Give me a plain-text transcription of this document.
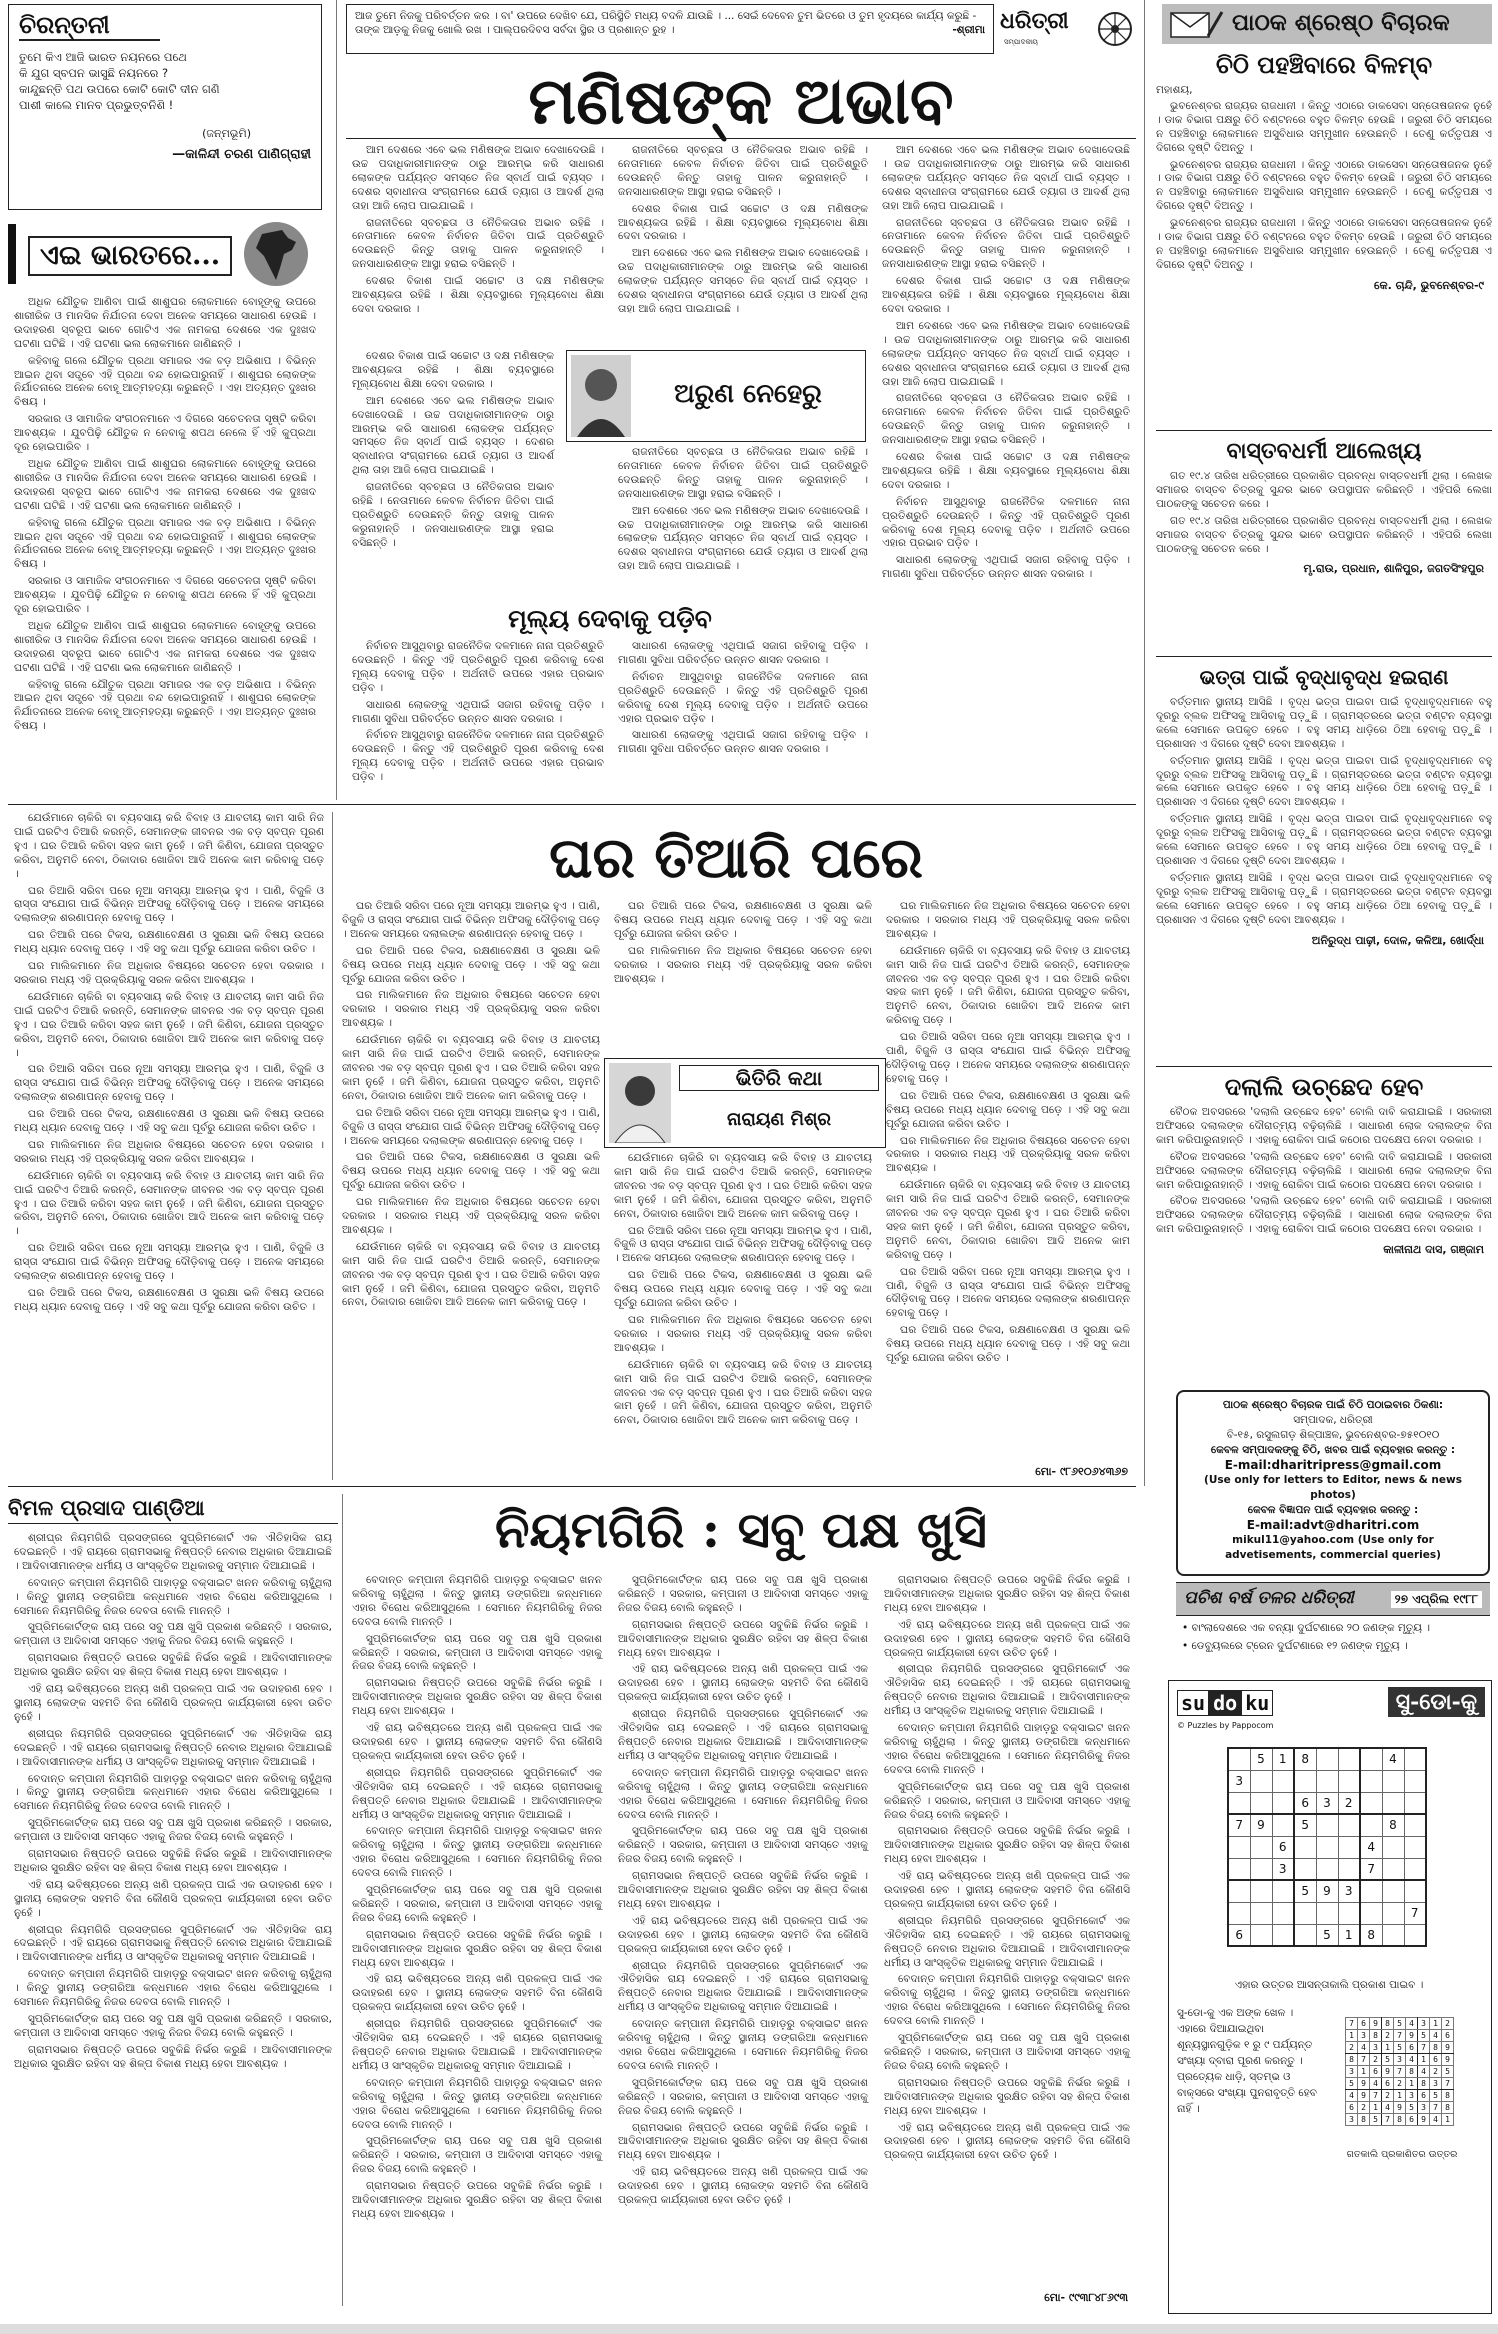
ଚିରନ୍ତନୀ
ତୁମେ କିଏ ଆଜି ଭାରତ ନୟନରେ ପଥେ
କି ଯୁଗ ସ୍ବପନ ଭାସୁଛି ନୟନରେ ?
କାନ୍ଦୁଛନ୍ତି ପଥ ଉପରେ କୋଟି କୋଟି ଦୀନ ଗଣି
ପାଶୀ କାଲେ ମାନବ ପ୍ରଭୁତ୍ବନିଶି !
(ଜନ୍ମଭୂମି)
—କାଳିନ୍ଦୀ ଚରଣ ପାଣିଗ୍ରାହୀ
ଏଇ ଭାରତରେ...

ଅଧିକ ଯୌତୁକ ଆଣିବା ପାଇଁ ଶାଶୁଘର ଲୋକମାନେ ବୋହୂଙ୍କୁ ଉପରେ ଶାରୀରିକ ଓ ମାନସିକ ନିର୍ଯାତନା ଦେବା ଅନେକ ସମୟରେ ସାଧାରଣ ହେଉଛି । ଉଦାହରଣ ସ୍ବରୂପ ଭାବେ ଗୋଟିଏ ଏକ ନାମକରା ଦେଶରେ ଏକ ଦୁଃଖଦ ଘଟଣା ଘଟିଛି । ଏହି ଘଟଣା ଭଲ ଲୋକମାନେ ଜାଣିଛନ୍ତି ।

କହିବାକୁ ଗଲେ ଯୌତୁକ ପ୍ରଥା ସମାଜର ଏକ ବଡ଼ ଅଭିଶାପ । ବିଭିନ୍ନ ଆଇନ ଥିବା ସତ୍ତ୍ବେ ଏହି ପ୍ରଥା ବନ୍ଦ ହୋଇପାରୁନାହିଁ । ଶାଶୁଘର ଲୋକଙ୍କ ନିର୍ଯାତନାରେ ଅନେକ ବୋହୂ ଆତ୍ମହତ୍ୟା କରୁଛନ୍ତି । ଏହା ଅତ୍ୟନ୍ତ ଦୁଃଖର ବିଷୟ ।

ସରକାର ଓ ସାମାଜିକ ସଂଗଠନମାନେ ଏ ଦିଗରେ ସଚେତନତା ସୃଷ୍ଟି କରିବା ଆବଶ୍ୟକ । ଯୁବପିଢ଼ି ଯୌତୁକ ନ ନେବାକୁ ଶପଥ ନେଲେ ହିଁ ଏହି କୁପ୍ରଥା ଦୂର ହୋଇପାରିବ ।

ଅଧିକ ଯୌତୁକ ଆଣିବା ପାଇଁ ଶାଶୁଘର ଲୋକମାନେ ବୋହୂଙ୍କୁ ଉପରେ ଶାରୀରିକ ଓ ମାନସିକ ନିର୍ଯାତନା ଦେବା ଅନେକ ସମୟରେ ସାଧାରଣ ହେଉଛି । ଉଦାହରଣ ସ୍ବରୂପ ଭାବେ ଗୋଟିଏ ଏକ ନାମକରା ଦେଶରେ ଏକ ଦୁଃଖଦ ଘଟଣା ଘଟିଛି । ଏହି ଘଟଣା ଭଲ ଲୋକମାନେ ଜାଣିଛନ୍ତି ।

କହିବାକୁ ଗଲେ ଯୌତୁକ ପ୍ରଥା ସମାଜର ଏକ ବଡ଼ ଅଭିଶାପ । ବିଭିନ୍ନ ଆଇନ ଥିବା ସତ୍ତ୍ବେ ଏହି ପ୍ରଥା ବନ୍ଦ ହୋଇପାରୁନାହିଁ । ଶାଶୁଘର ଲୋକଙ୍କ ନିର୍ଯାତନାରେ ଅନେକ ବୋହୂ ଆତ୍ମହତ୍ୟା କରୁଛନ୍ତି । ଏହା ଅତ୍ୟନ୍ତ ଦୁଃଖର ବିଷୟ ।

ସରକାର ଓ ସାମାଜିକ ସଂଗଠନମାନେ ଏ ଦିଗରେ ସଚେତନତା ସୃଷ୍ଟି କରିବା ଆବଶ୍ୟକ । ଯୁବପିଢ଼ି ଯୌତୁକ ନ ନେବାକୁ ଶପଥ ନେଲେ ହିଁ ଏହି କୁପ୍ରଥା ଦୂର ହୋଇପାରିବ ।

ଅଧିକ ଯୌତୁକ ଆଣିବା ପାଇଁ ଶାଶୁଘର ଲୋକମାନେ ବୋହୂଙ୍କୁ ଉପରେ ଶାରୀରିକ ଓ ମାନସିକ ନିର୍ଯାତନା ଦେବା ଅନେକ ସମୟରେ ସାଧାରଣ ହେଉଛି । ଉଦାହରଣ ସ୍ବରୂପ ଭାବେ ଗୋଟିଏ ଏକ ନାମକରା ଦେଶରେ ଏକ ଦୁଃଖଦ ଘଟଣା ଘଟିଛି । ଏହି ଘଟଣା ଭଲ ଲୋକମାନେ ଜାଣିଛନ୍ତି ।

କହିବାକୁ ଗଲେ ଯୌତୁକ ପ୍ରଥା ସମାଜର ଏକ ବଡ଼ ଅଭିଶାପ । ବିଭିନ୍ନ ଆଇନ ଥିବା ସତ୍ତ୍ବେ ଏହି ପ୍ରଥା ବନ୍ଦ ହୋଇପାରୁନାହିଁ । ଶାଶୁଘର ଲୋକଙ୍କ ନିର୍ଯାତନାରେ ଅନେକ ବୋହୂ ଆତ୍ମହତ୍ୟା କରୁଛନ୍ତି । ଏହା ଅତ୍ୟନ୍ତ ଦୁଃଖର ବିଷୟ ।

ଆଜ ତୁମେ ନିଜକୁ ପରିବର୍ତ୍ତନ କର । ବା' ଉପରେ ଦେଖିବ ଯେ, ପରିସ୍ଥିତି ମଧ୍ୟ ବଦଳି ଯାଉଛି । ... ସେଇଁ ଦେବେନ ତୁମ ଭିତରେ ଓ ତୁମ ହୃଦୟରେ କାର୍ଯ୍ୟ କରୁଛି - ତାଙ୍କ ଆଡ଼କୁ ନିଜକୁ ଖୋଲି ରଖ । ପାଲ୍ପରଦିବସ ସର୍ବଦା ସ୍ଥିର ଓ ପ୍ରଶାନ୍ତ ରୁହ ।	-ଶ୍ରୀମା ଧରିତ୍ରୀ
ସମ୍ପାଦକୀୟ
ମଣିଷଙ୍କ ଅଭାବ

ଆମ ଦେଶରେ ଏବେ ଭଲ ମଣିଷଙ୍କ ଅଭାବ ଦେଖାଦେଉଛି । ଉଚ୍ଚ ପଦାଧିକାରୀମାନଙ୍କ ଠାରୁ ଆରମ୍ଭ କରି ସାଧାରଣ ଲୋକଙ୍କ ପର୍ଯ୍ୟନ୍ତ ସମସ୍ତେ ନିଜ ସ୍ବାର୍ଥ ପାଇଁ ବ୍ୟସ୍ତ । ଦେଶର ସ୍ବାଧୀନତା ସଂଗ୍ରାମରେ ଯେଉଁ ତ୍ୟାଗ ଓ ଆଦର୍ଶ ଥିଲା ତାହା ଆଜି ଲୋପ ପାଇଯାଇଛି ।

ରାଜନୀତିରେ ସ୍ବଚ୍ଛତା ଓ ନୈତିକତାର ଅଭାବ ରହିଛି । ନେତାମାନେ କେବଳ ନିର୍ବାଚନ ଜିତିବା ପାଇଁ ପ୍ରତିଶ୍ରୁତି ଦେଉଛନ୍ତି କିନ୍ତୁ ତାହାକୁ ପାଳନ କରୁନାହାନ୍ତି । ଜନସାଧାରଣଙ୍କ ଆସ୍ଥା ହରାଇ ବସିଛନ୍ତି ।

ଦେଶର ବିକାଶ ପାଇଁ ସଚ୍ଚୋଟ ଓ ଦକ୍ଷ ମଣିଷଙ୍କ ଆବଶ୍ୟକତା ରହିଛି । ଶିକ୍ଷା ବ୍ୟବସ୍ଥାରେ ମୂଲ୍ୟବୋଧ ଶିକ୍ଷା ଦେବା ଦରକାର ।

ରାଜନୀତିରେ ସ୍ବଚ୍ଛତା ଓ ନୈତିକତାର ଅଭାବ ରହିଛି । ନେତାମାନେ କେବଳ ନିର୍ବାଚନ ଜିତିବା ପାଇଁ ପ୍ରତିଶ୍ରୁତି ଦେଉଛନ୍ତି କିନ୍ତୁ ତାହାକୁ ପାଳନ କରୁନାହାନ୍ତି । ଜନସାଧାରଣଙ୍କ ଆସ୍ଥା ହରାଇ ବସିଛନ୍ତି ।

ଦେଶର ବିକାଶ ପାଇଁ ସଚ୍ଚୋଟ ଓ ଦକ୍ଷ ମଣିଷଙ୍କ ଆବଶ୍ୟକତା ରହିଛି । ଶିକ୍ଷା ବ୍ୟବସ୍ଥାରେ ମୂଲ୍ୟବୋଧ ଶିକ୍ଷା ଦେବା ଦରକାର ।

ଆମ ଦେଶରେ ଏବେ ଭଲ ମଣିଷଙ୍କ ଅଭାବ ଦେଖାଦେଉଛି । ଉଚ୍ଚ ପଦାଧିକାରୀମାନଙ୍କ ଠାରୁ ଆରମ୍ଭ କରି ସାଧାରଣ ଲୋକଙ୍କ ପର୍ଯ୍ୟନ୍ତ ସମସ୍ତେ ନିଜ ସ୍ବାର୍ଥ ପାଇଁ ବ୍ୟସ୍ତ । ଦେଶର ସ୍ବାଧୀନତା ସଂଗ୍ରାମରେ ଯେଉଁ ତ୍ୟାଗ ଓ ଆଦର୍ଶ ଥିଲା ତାହା ଆଜି ଲୋପ ପାଇଯାଇଛି ।

ଆମ ଦେଶରେ ଏବେ ଭଲ ମଣିଷଙ୍କ ଅଭାବ ଦେଖାଦେଉଛି । ଉଚ୍ଚ ପଦାଧିକାରୀମାନଙ୍କ ଠାରୁ ଆରମ୍ଭ କରି ସାଧାରଣ ଲୋକଙ୍କ ପର୍ଯ୍ୟନ୍ତ ସମସ୍ତେ ନିଜ ସ୍ବାର୍ଥ ପାଇଁ ବ୍ୟସ୍ତ । ଦେଶର ସ୍ବାଧୀନତା ସଂଗ୍ରାମରେ ଯେଉଁ ତ୍ୟାଗ ଓ ଆଦର୍ଶ ଥିଲା ତାହା ଆଜି ଲୋପ ପାଇଯାଇଛି ।

ରାଜନୀତିରେ ସ୍ବଚ୍ଛତା ଓ ନୈତିକତାର ଅଭାବ ରହିଛି । ନେତାମାନେ କେବଳ ନିର୍ବାଚନ ଜିତିବା ପାଇଁ ପ୍ରତିଶ୍ରୁତି ଦେଉଛନ୍ତି କିନ୍ତୁ ତାହାକୁ ପାଳନ କରୁନାହାନ୍ତି । ଜନସାଧାରଣଙ୍କ ଆସ୍ଥା ହରାଇ ବସିଛନ୍ତି ।

ଦେଶର ବିକାଶ ପାଇଁ ସଚ୍ଚୋଟ ଓ ଦକ୍ଷ ମଣିଷଙ୍କ ଆବଶ୍ୟକତା ରହିଛି । ଶିକ୍ଷା ବ୍ୟବସ୍ଥାରେ ମୂଲ୍ୟବୋଧ ଶିକ୍ଷା ଦେବା ଦରକାର ।

ଆମ ଦେଶରେ ଏବେ ଭଲ ମଣିଷଙ୍କ ଅଭାବ ଦେଖାଦେଉଛି । ଉଚ୍ଚ ପଦାଧିକାରୀମାନଙ୍କ ଠାରୁ ଆରମ୍ଭ କରି ସାଧାରଣ ଲୋକଙ୍କ ପର୍ଯ୍ୟନ୍ତ ସମସ୍ତେ ନିଜ ସ୍ବାର୍ଥ ପାଇଁ ବ୍ୟସ୍ତ । ଦେଶର ସ୍ବାଧୀନତା ସଂଗ୍ରାମରେ ଯେଉଁ ତ୍ୟାଗ ଓ ଆଦର୍ଶ ଥିଲା ତାହା ଆଜି ଲୋପ ପାଇଯାଇଛି ।

ରାଜନୀତିରେ ସ୍ବଚ୍ଛତା ଓ ନୈତିକତାର ଅଭାବ ରହିଛି । ନେତାମାନେ କେବଳ ନିର୍ବାଚନ ଜିତିବା ପାଇଁ ପ୍ରତିଶ୍ରୁତି ଦେଉଛନ୍ତି କିନ୍ତୁ ତାହାକୁ ପାଳନ କରୁନାହାନ୍ତି । ଜନସାଧାରଣଙ୍କ ଆସ୍ଥା ହରାଇ ବସିଛନ୍ତି ।

ଦେଶର ବିକାଶ ପାଇଁ ସଚ୍ଚୋଟ ଓ ଦକ୍ଷ ମଣିଷଙ୍କ ଆବଶ୍ୟକତା ରହିଛି । ଶିକ୍ଷା ବ୍ୟବସ୍ଥାରେ ମୂଲ୍ୟବୋଧ ଶିକ୍ଷା ଦେବା ଦରକାର ।

ନିର୍ବାଚନ ଆସୁଥିବାରୁ ରାଜନୈତିକ ଦଳମାନେ ନାନା ପ୍ରତିଶ୍ରୁତି ଦେଉଛନ୍ତି । କିନ୍ତୁ ଏହି ପ୍ରତିଶ୍ରୁତି ପୂରଣ କରିବାକୁ ଦେଶ ମୂଲ୍ୟ ଦେବାକୁ ପଡ଼ିବ । ଅର୍ଥନୀତି ଉପରେ ଏହାର ପ୍ରଭାବ ପଡ଼ିବ ।

ସାଧାରଣ ଲୋକଙ୍କୁ ଏଥିପାଇଁ ସଜାଗ ରହିବାକୁ ପଡ଼ିବ । ମାଗଣା ସୁବିଧା ପରିବର୍ତ୍ତେ ଉନ୍ନତ ଶାସନ ଦରକାର ।

ଅରୁଣ ନେହେରୁ

ଦେଶର ବିକାଶ ପାଇଁ ସଚ୍ଚୋଟ ଓ ଦକ୍ଷ ମଣିଷଙ୍କ ଆବଶ୍ୟକତା ରହିଛି । ଶିକ୍ଷା ବ୍ୟବସ୍ଥାରେ ମୂଲ୍ୟବୋଧ ଶିକ୍ଷା ଦେବା ଦରକାର ।

ଆମ ଦେଶରେ ଏବେ ଭଲ ମଣିଷଙ୍କ ଅଭାବ ଦେଖାଦେଉଛି । ଉଚ୍ଚ ପଦାଧିକାରୀମାନଙ୍କ ଠାରୁ ଆରମ୍ଭ କରି ସାଧାରଣ ଲୋକଙ୍କ ପର୍ଯ୍ୟନ୍ତ ସମସ୍ତେ ନିଜ ସ୍ବାର୍ଥ ପାଇଁ ବ୍ୟସ୍ତ । ଦେଶର ସ୍ବାଧୀନତା ସଂଗ୍ରାମରେ ଯେଉଁ ତ୍ୟାଗ ଓ ଆଦର୍ଶ ଥିଲା ତାହା ଆଜି ଲୋପ ପାଇଯାଇଛି ।

ରାଜନୀତିରେ ସ୍ବଚ୍ଛତା ଓ ନୈତିକତାର ଅଭାବ ରହିଛି । ନେତାମାନେ କେବଳ ନିର୍ବାଚନ ଜିତିବା ପାଇଁ ପ୍ରତିଶ୍ରୁତି ଦେଉଛନ୍ତି କିନ୍ତୁ ତାହାକୁ ପାଳନ କରୁନାହାନ୍ତି । ଜନସାଧାରଣଙ୍କ ଆସ୍ଥା ହରାଇ ବସିଛନ୍ତି ।

ରାଜନୀତିରେ ସ୍ବଚ୍ଛତା ଓ ନୈତିକତାର ଅଭାବ ରହିଛି । ନେତାମାନେ କେବଳ ନିର୍ବାଚନ ଜିତିବା ପାଇଁ ପ୍ରତିଶ୍ରୁତି ଦେଉଛନ୍ତି କିନ୍ତୁ ତାହାକୁ ପାଳନ କରୁନାହାନ୍ତି । ଜନସାଧାରଣଙ୍କ ଆସ୍ଥା ହରାଇ ବସିଛନ୍ତି ।

ଆମ ଦେଶରେ ଏବେ ଭଲ ମଣିଷଙ୍କ ଅଭାବ ଦେଖାଦେଉଛି । ଉଚ୍ଚ ପଦାଧିକାରୀମାନଙ୍କ ଠାରୁ ଆରମ୍ଭ କରି ସାଧାରଣ ଲୋକଙ୍କ ପର୍ଯ୍ୟନ୍ତ ସମସ୍ତେ ନିଜ ସ୍ବାର୍ଥ ପାଇଁ ବ୍ୟସ୍ତ । ଦେଶର ସ୍ବାଧୀନତା ସଂଗ୍ରାମରେ ଯେଉଁ ତ୍ୟାଗ ଓ ଆଦର୍ଶ ଥିଲା ତାହା ଆଜି ଲୋପ ପାଇଯାଇଛି ।

ମୂଲ୍ୟ ଦେବାକୁ ପଡ଼ିବ

ନିର୍ବାଚନ ଆସୁଥିବାରୁ ରାଜନୈତିକ ଦଳମାନେ ନାନା ପ୍ରତିଶ୍ରୁତି ଦେଉଛନ୍ତି । କିନ୍ତୁ ଏହି ପ୍ରତିଶ୍ରୁତି ପୂରଣ କରିବାକୁ ଦେଶ ମୂଲ୍ୟ ଦେବାକୁ ପଡ଼ିବ । ଅର୍ଥନୀତି ଉପରେ ଏହାର ପ୍ରଭାବ ପଡ଼ିବ ।

ସାଧାରଣ ଲୋକଙ୍କୁ ଏଥିପାଇଁ ସଜାଗ ରହିବାକୁ ପଡ଼ିବ । ମାଗଣା ସୁବିଧା ପରିବର୍ତ୍ତେ ଉନ୍ନତ ଶାସନ ଦରକାର ।

ନିର୍ବାଚନ ଆସୁଥିବାରୁ ରାଜନୈତିକ ଦଳମାନେ ନାନା ପ୍ରତିଶ୍ରୁତି ଦେଉଛନ୍ତି । କିନ୍ତୁ ଏହି ପ୍ରତିଶ୍ରୁତି ପୂରଣ କରିବାକୁ ଦେଶ ମୂଲ୍ୟ ଦେବାକୁ ପଡ଼ିବ । ଅର୍ଥନୀତି ଉପରେ ଏହାର ପ୍ରଭାବ ପଡ଼ିବ ।

ସାଧାରଣ ଲୋକଙ୍କୁ ଏଥିପାଇଁ ସଜାଗ ରହିବାକୁ ପଡ଼ିବ । ମାଗଣା ସୁବିଧା ପରିବର୍ତ୍ତେ ଉନ୍ନତ ଶାସନ ଦରକାର ।

ନିର୍ବାଚନ ଆସୁଥିବାରୁ ରାଜନୈତିକ ଦଳମାନେ ନାନା ପ୍ରତିଶ୍ରୁତି ଦେଉଛନ୍ତି । କିନ୍ତୁ ଏହି ପ୍ରତିଶ୍ରୁତି ପୂରଣ କରିବାକୁ ଦେଶ ମୂଲ୍ୟ ଦେବାକୁ ପଡ଼ିବ । ଅର୍ଥନୀତି ଉପରେ ଏହାର ପ୍ରଭାବ ପଡ଼ିବ ।

ସାଧାରଣ ଲୋକଙ୍କୁ ଏଥିପାଇଁ ସଜାଗ ରହିବାକୁ ପଡ଼ିବ । ମାଗଣା ସୁବିଧା ପରିବର୍ତ୍ତେ ଉନ୍ନତ ଶାସନ ଦରକାର ।

ଯେଉଁମାନେ ଚାକିରି ବା ବ୍ୟବସାୟ କରି ବିବାହ ଓ ଯାବତୀୟ କାମ ସାରି ନିଜ ପାଇଁ ଘରଟିଏ ତିଆରି କରନ୍ତି, ସେମାନଙ୍କ ଜୀବନର ଏକ ବଡ଼ ସ୍ବପ୍ନ ପୂରଣ ହୁଏ । ଘର ତିଆରି କରିବା ସହଜ କାମ ନୁହେଁ । ଜମି କିଣିବା, ଯୋଜନା ପ୍ରସ୍ତୁତ କରିବା, ଅନୁମତି ନେବା, ଠିକାଦାର ଖୋଜିବା ଆଦି ଅନେକ କାମ କରିବାକୁ ପଡ଼େ ।

ଘର ତିଆରି ସରିବା ପରେ ନୂଆ ସମସ୍ୟା ଆରମ୍ଭ ହୁଏ । ପାଣି, ବିଜୁଳି ଓ ରାସ୍ତା ସଂଯୋଗ ପାଇଁ ବିଭିନ୍ନ ଅଫିସକୁ ଦୌଡ଼ିବାକୁ ପଡ଼େ । ଅନେକ ସମୟରେ ଦଲାଲଙ୍କ ଶରଣାପନ୍ନ ହେବାକୁ ପଡ଼େ ।

ଘର ତିଆରି ପରେ ଟିକସ, ରକ୍ଷଣାବେକ୍ଷଣ ଓ ସୁରକ୍ଷା ଭଳି ବିଷୟ ଉପରେ ମଧ୍ୟ ଧ୍ୟାନ ଦେବାକୁ ପଡ଼େ । ଏହି ସବୁ କଥା ପୂର୍ବରୁ ଯୋଜନା କରିବା ଉଚିତ ।

ଘର ମାଲିକମାନେ ନିଜ ଅଧିକାର ବିଷୟରେ ସଚେତନ ହେବା ଦରକାର । ସରକାର ମଧ୍ୟ ଏହି ପ୍ରକ୍ରିୟାକୁ ସରଳ କରିବା ଆବଶ୍ୟକ ।

ଯେଉଁମାନେ ଚାକିରି ବା ବ୍ୟବସାୟ କରି ବିବାହ ଓ ଯାବତୀୟ କାମ ସାରି ନିଜ ପାଇଁ ଘରଟିଏ ତିଆରି କରନ୍ତି, ସେମାନଙ୍କ ଜୀବନର ଏକ ବଡ଼ ସ୍ବପ୍ନ ପୂରଣ ହୁଏ । ଘର ତିଆରି କରିବା ସହଜ କାମ ନୁହେଁ । ଜମି କିଣିବା, ଯୋଜନା ପ୍ରସ୍ତୁତ କରିବା, ଅନୁମତି ନେବା, ଠିକାଦାର ଖୋଜିବା ଆଦି ଅନେକ କାମ କରିବାକୁ ପଡ଼େ ।

ଘର ତିଆରି ସରିବା ପରେ ନୂଆ ସମସ୍ୟା ଆରମ୍ଭ ହୁଏ । ପାଣି, ବିଜୁଳି ଓ ରାସ୍ତା ସଂଯୋଗ ପାଇଁ ବିଭିନ୍ନ ଅଫିସକୁ ଦୌଡ଼ିବାକୁ ପଡ଼େ । ଅନେକ ସମୟରେ ଦଲାଲଙ୍କ ଶରଣାପନ୍ନ ହେବାକୁ ପଡ଼େ ।

ଘର ତିଆରି ପରେ ଟିକସ, ରକ୍ଷଣାବେକ୍ଷଣ ଓ ସୁରକ୍ଷା ଭଳି ବିଷୟ ଉପରେ ମଧ୍ୟ ଧ୍ୟାନ ଦେବାକୁ ପଡ଼େ । ଏହି ସବୁ କଥା ପୂର୍ବରୁ ଯୋଜନା କରିବା ଉଚିତ ।

ଘର ମାଲିକମାନେ ନିଜ ଅଧିକାର ବିଷୟରେ ସଚେତନ ହେବା ଦରକାର । ସରକାର ମଧ୍ୟ ଏହି ପ୍ରକ୍ରିୟାକୁ ସରଳ କରିବା ଆବଶ୍ୟକ ।

ଯେଉଁମାନେ ଚାକିରି ବା ବ୍ୟବସାୟ କରି ବିବାହ ଓ ଯାବତୀୟ କାମ ସାରି ନିଜ ପାଇଁ ଘରଟିଏ ତିଆରି କରନ୍ତି, ସେମାନଙ୍କ ଜୀବନର ଏକ ବଡ଼ ସ୍ବପ୍ନ ପୂରଣ ହୁଏ । ଘର ତିଆରି କରିବା ସହଜ କାମ ନୁହେଁ । ଜମି କିଣିବା, ଯୋଜନା ପ୍ରସ୍ତୁତ କରିବା, ଅନୁମତି ନେବା, ଠିକାଦାର ଖୋଜିବା ଆଦି ଅନେକ କାମ କରିବାକୁ ପଡ଼େ ।

ଘର ତିଆରି ସରିବା ପରେ ନୂଆ ସମସ୍ୟା ଆରମ୍ଭ ହୁଏ । ପାଣି, ବିଜୁଳି ଓ ରାସ୍ତା ସଂଯୋଗ ପାଇଁ ବିଭିନ୍ନ ଅଫିସକୁ ଦୌଡ଼ିବାକୁ ପଡ଼େ । ଅନେକ ସମୟରେ ଦଲାଲଙ୍କ ଶରଣାପନ୍ନ ହେବାକୁ ପଡ଼େ ।

ଘର ତିଆରି ପରେ ଟିକସ, ରକ୍ଷଣାବେକ୍ଷଣ ଓ ସୁରକ୍ଷା ଭଳି ବିଷୟ ଉପରେ ମଧ୍ୟ ଧ୍ୟାନ ଦେବାକୁ ପଡ଼େ । ଏହି ସବୁ କଥା ପୂର୍ବରୁ ଯୋଜନା କରିବା ଉଚିତ ।

ଘର ତିଆରି ପରେ

ଘର ତିଆରି ସରିବା ପରେ ନୂଆ ସମସ୍ୟା ଆରମ୍ଭ ହୁଏ । ପାଣି, ବିଜୁଳି ଓ ରାସ୍ତା ସଂଯୋଗ ପାଇଁ ବିଭିନ୍ନ ଅଫିସକୁ ଦୌଡ଼ିବାକୁ ପଡ଼େ । ଅନେକ ସମୟରେ ଦଲାଲଙ୍କ ଶରଣାପନ୍ନ ହେବାକୁ ପଡ଼େ ।

ଘର ତିଆରି ପରେ ଟିକସ, ରକ୍ଷଣାବେକ୍ଷଣ ଓ ସୁରକ୍ଷା ଭଳି ବିଷୟ ଉପରେ ମଧ୍ୟ ଧ୍ୟାନ ଦେବାକୁ ପଡ଼େ । ଏହି ସବୁ କଥା ପୂର୍ବରୁ ଯୋଜନା କରିବା ଉଚିତ ।

ଘର ମାଲିକମାନେ ନିଜ ଅଧିକାର ବିଷୟରେ ସଚେତନ ହେବା ଦରକାର । ସରକାର ମଧ୍ୟ ଏହି ପ୍ରକ୍ରିୟାକୁ ସରଳ କରିବା ଆବଶ୍ୟକ ।

ଯେଉଁମାନେ ଚାକିରି ବା ବ୍ୟବସାୟ କରି ବିବାହ ଓ ଯାବତୀୟ କାମ ସାରି ନିଜ ପାଇଁ ଘରଟିଏ ତିଆରି କରନ୍ତି, ସେମାନଙ୍କ ଜୀବନର ଏକ ବଡ଼ ସ୍ବପ୍ନ ପୂରଣ ହୁଏ । ଘର ତିଆରି କରିବା ସହଜ କାମ ନୁହେଁ । ଜମି କିଣିବା, ଯୋଜନା ପ୍ରସ୍ତୁତ କରିବା, ଅନୁମତି ନେବା, ଠିକାଦାର ଖୋଜିବା ଆଦି ଅନେକ କାମ କରିବାକୁ ପଡ଼େ ।

ଘର ତିଆରି ସରିବା ପରେ ନୂଆ ସମସ୍ୟା ଆରମ୍ଭ ହୁଏ । ପାଣି, ବିଜୁଳି ଓ ରାସ୍ତା ସଂଯୋଗ ପାଇଁ ବିଭିନ୍ନ ଅଫିସକୁ ଦୌଡ଼ିବାକୁ ପଡ଼େ । ଅନେକ ସମୟରେ ଦଲାଲଙ୍କ ଶରଣାପନ୍ନ ହେବାକୁ ପଡ଼େ ।

ଘର ତିଆରି ପରେ ଟିକସ, ରକ୍ଷଣାବେକ୍ଷଣ ଓ ସୁରକ୍ଷା ଭଳି ବିଷୟ ଉପରେ ମଧ୍ୟ ଧ୍ୟାନ ଦେବାକୁ ପଡ଼େ । ଏହି ସବୁ କଥା ପୂର୍ବରୁ ଯୋଜନା କରିବା ଉଚିତ ।

ଘର ମାଲିକମାନେ ନିଜ ଅଧିକାର ବିଷୟରେ ସଚେତନ ହେବା ଦରକାର । ସରକାର ମଧ୍ୟ ଏହି ପ୍ରକ୍ରିୟାକୁ ସରଳ କରିବା ଆବଶ୍ୟକ ।

ଯେଉଁମାନେ ଚାକିରି ବା ବ୍ୟବସାୟ କରି ବିବାହ ଓ ଯାବତୀୟ କାମ ସାରି ନିଜ ପାଇଁ ଘରଟିଏ ତିଆରି କରନ୍ତି, ସେମାନଙ୍କ ଜୀବନର ଏକ ବଡ଼ ସ୍ବପ୍ନ ପୂରଣ ହୁଏ । ଘର ତିଆରି କରିବା ସହଜ କାମ ନୁହେଁ । ଜମି କିଣିବା, ଯୋଜନା ପ୍ରସ୍ତୁତ କରିବା, ଅନୁମତି ନେବା, ଠିକାଦାର ଖୋଜିବା ଆଦି ଅନେକ କାମ କରିବାକୁ ପଡ଼େ ।

ଭିତିରି କଥା
ନାରାୟଣ ମିଶ୍ର

ଘର ତିଆରି ପରେ ଟିକସ, ରକ୍ଷଣାବେକ୍ଷଣ ଓ ସୁରକ୍ଷା ଭଳି ବିଷୟ ଉପରେ ମଧ୍ୟ ଧ୍ୟାନ ଦେବାକୁ ପଡ଼େ । ଏହି ସବୁ କଥା ପୂର୍ବରୁ ଯୋଜନା କରିବା ଉଚିତ ।

ଘର ମାଲିକମାନେ ନିଜ ଅଧିକାର ବିଷୟରେ ସଚେତନ ହେବା ଦରକାର । ସରକାର ମଧ୍ୟ ଏହି ପ୍ରକ୍ରିୟାକୁ ସରଳ କରିବା ଆବଶ୍ୟକ ।

ଯେଉଁମାନେ ଚାକିରି ବା ବ୍ୟବସାୟ କରି ବିବାହ ଓ ଯାବତୀୟ କାମ ସାରି ନିଜ ପାଇଁ ଘରଟିଏ ତିଆରି କରନ୍ତି, ସେମାନଙ୍କ ଜୀବନର ଏକ ବଡ଼ ସ୍ବପ୍ନ ପୂରଣ ହୁଏ । ଘର ତିଆରି କରିବା ସହଜ କାମ ନୁହେଁ । ଜମି କିଣିବା, ଯୋଜନା ପ୍ରସ୍ତୁତ କରିବା, ଅନୁମତି ନେବା, ଠିକାଦାର ଖୋଜିବା ଆଦି ଅନେକ କାମ କରିବାକୁ ପଡ଼େ ।

ଘର ତିଆରି ସରିବା ପରେ ନୂଆ ସମସ୍ୟା ଆରମ୍ଭ ହୁଏ । ପାଣି, ବିଜୁଳି ଓ ରାସ୍ତା ସଂଯୋଗ ପାଇଁ ବିଭିନ୍ନ ଅଫିସକୁ ଦୌଡ଼ିବାକୁ ପଡ଼େ । ଅନେକ ସମୟରେ ଦଲାଲଙ୍କ ଶରଣାପନ୍ନ ହେବାକୁ ପଡ଼େ ।

ଘର ତିଆରି ପରେ ଟିକସ, ରକ୍ଷଣାବେକ୍ଷଣ ଓ ସୁରକ୍ଷା ଭଳି ବିଷୟ ଉପରେ ମଧ୍ୟ ଧ୍ୟାନ ଦେବାକୁ ପଡ଼େ । ଏହି ସବୁ କଥା ପୂର୍ବରୁ ଯୋଜନା କରିବା ଉଚିତ ।

ଘର ମାଲିକମାନେ ନିଜ ଅଧିକାର ବିଷୟରେ ସଚେତନ ହେବା ଦରକାର । ସରକାର ମଧ୍ୟ ଏହି ପ୍ରକ୍ରିୟାକୁ ସରଳ କରିବା ଆବଶ୍ୟକ ।

ଯେଉଁମାନେ ଚାକିରି ବା ବ୍ୟବସାୟ କରି ବିବାହ ଓ ଯାବତୀୟ କାମ ସାରି ନିଜ ପାଇଁ ଘରଟିଏ ତିଆରି କରନ୍ତି, ସେମାନଙ୍କ ଜୀବନର ଏକ ବଡ଼ ସ୍ବପ୍ନ ପୂରଣ ହୁଏ । ଘର ତିଆରି କରିବା ସହଜ କାମ ନୁହେଁ । ଜମି କିଣିବା, ଯୋଜନା ପ୍ରସ୍ତୁତ କରିବା, ଅନୁମତି ନେବା, ଠିକାଦାର ଖୋଜିବା ଆଦି ଅନେକ କାମ କରିବାକୁ ପଡ଼େ ।

ଘର ମାଲିକମାନେ ନିଜ ଅଧିକାର ବିଷୟରେ ସଚେତନ ହେବା ଦରକାର । ସରକାର ମଧ୍ୟ ଏହି ପ୍ରକ୍ରିୟାକୁ ସରଳ କରିବା ଆବଶ୍ୟକ ।

ଯେଉଁମାନେ ଚାକିରି ବା ବ୍ୟବସାୟ କରି ବିବାହ ଓ ଯାବତୀୟ କାମ ସାରି ନିଜ ପାଇଁ ଘରଟିଏ ତିଆରି କରନ୍ତି, ସେମାନଙ୍କ ଜୀବନର ଏକ ବଡ଼ ସ୍ବପ୍ନ ପୂରଣ ହୁଏ । ଘର ତିଆରି କରିବା ସହଜ କାମ ନୁହେଁ । ଜମି କିଣିବା, ଯୋଜନା ପ୍ରସ୍ତୁତ କରିବା, ଅନୁମତି ନେବା, ଠିକାଦାର ଖୋଜିବା ଆଦି ଅନେକ କାମ କରିବାକୁ ପଡ଼େ ।

ଘର ତିଆରି ସରିବା ପରେ ନୂଆ ସମସ୍ୟା ଆରମ୍ଭ ହୁଏ । ପାଣି, ବିଜୁଳି ଓ ରାସ୍ତା ସଂଯୋଗ ପାଇଁ ବିଭିନ୍ନ ଅଫିସକୁ ଦୌଡ଼ିବାକୁ ପଡ଼େ । ଅନେକ ସମୟରେ ଦଲାଲଙ୍କ ଶରଣାପନ୍ନ ହେବାକୁ ପଡ଼େ ।

ଘର ତିଆରି ପରେ ଟିକସ, ରକ୍ଷଣାବେକ୍ଷଣ ଓ ସୁରକ୍ଷା ଭଳି ବିଷୟ ଉପରେ ମଧ୍ୟ ଧ୍ୟାନ ଦେବାକୁ ପଡ଼େ । ଏହି ସବୁ କଥା ପୂର୍ବରୁ ଯୋଜନା କରିବା ଉଚିତ ।

ଘର ମାଲିକମାନେ ନିଜ ଅଧିକାର ବିଷୟରେ ସଚେତନ ହେବା ଦରକାର । ସରକାର ମଧ୍ୟ ଏହି ପ୍ରକ୍ରିୟାକୁ ସରଳ କରିବା ଆବଶ୍ୟକ ।

ଯେଉଁମାନେ ଚାକିରି ବା ବ୍ୟବସାୟ କରି ବିବାହ ଓ ଯାବତୀୟ କାମ ସାରି ନିଜ ପାଇଁ ଘରଟିଏ ତିଆରି କରନ୍ତି, ସେମାନଙ୍କ ଜୀବନର ଏକ ବଡ଼ ସ୍ବପ୍ନ ପୂରଣ ହୁଏ । ଘର ତିଆରି କରିବା ସହଜ କାମ ନୁହେଁ । ଜମି କିଣିବା, ଯୋଜନା ପ୍ରସ୍ତୁତ କରିବା, ଅନୁମତି ନେବା, ଠିକାଦାର ଖୋଜିବା ଆଦି ଅନେକ କାମ କରିବାକୁ ପଡ଼େ ।

ଘର ତିଆରି ସରିବା ପରେ ନୂଆ ସମସ୍ୟା ଆରମ୍ଭ ହୁଏ । ପାଣି, ବିଜୁଳି ଓ ରାସ୍ତା ସଂଯୋଗ ପାଇଁ ବିଭିନ୍ନ ଅଫିସକୁ ଦୌଡ଼ିବାକୁ ପଡ଼େ । ଅନେକ ସମୟରେ ଦଲାଲଙ୍କ ଶରଣାପନ୍ନ ହେବାକୁ ପଡ଼େ ।

ଘର ତିଆରି ପରେ ଟିକସ, ରକ୍ଷଣାବେକ୍ଷଣ ଓ ସୁରକ୍ଷା ଭଳି ବିଷୟ ଉପରେ ମଧ୍ୟ ଧ୍ୟାନ ଦେବାକୁ ପଡ଼େ । ଏହି ସବୁ କଥା ପୂର୍ବରୁ ଯୋଜନା କରିବା ଉଚିତ ।

ମୋ- ୯୮୬୧୦୬୪୩୬୭
ବିମଳ ପ୍ରସାଦ ପାଣ୍ଡିଆ	ନିୟମଗିରି : ସବୁ ପକ୍ଷ ଖୁସି

ଶ୍ରୀଘ୍ର ନିୟମଗିରି ପ୍ରସଙ୍ଗରେ ସୁପ୍ରିମକୋର୍ଟ ଏକ ଐତିହାସିକ ରାୟ ଦେଇଛନ୍ତି । ଏହି ରାୟରେ ଗ୍ରାମସଭାକୁ ନିଷ୍ପତ୍ତି ନେବାର ଅଧିକାର ଦିଆଯାଇଛି । ଆଦିବାସୀମାନଙ୍କ ଧର୍ମୀୟ ଓ ସାଂସ୍କୃତିକ ଅଧିକାରକୁ ସମ୍ମାନ ଦିଆଯାଇଛି ।

ବେଦାନ୍ତ କମ୍ପାନୀ ନିୟମଗିରି ପାହାଡ଼ରୁ ବକ୍ସାଇଟ ଖନନ କରିବାକୁ ଚାହୁଁଥିଲା । କିନ୍ତୁ ସ୍ଥାନୀୟ ଡଙ୍ଗରିଆ କନ୍ଧମାନେ ଏହାର ବିରୋଧ କରିଆସୁଥିଲେ । ସେମାନେ ନିୟମଗିରିକୁ ନିଜର ଦେବତା ବୋଲି ମାନନ୍ତି ।

ସୁପ୍ରିମକୋର୍ଟଙ୍କ ରାୟ ପରେ ସବୁ ପକ୍ଷ ଖୁସି ପ୍ରକାଶ କରିଛନ୍ତି । ସରକାର, କମ୍ପାନୀ ଓ ଆଦିବାସୀ ସମସ୍ତେ ଏହାକୁ ନିଜର ବିଜୟ ବୋଲି କହୁଛନ୍ତି ।

ଗ୍ରାମସଭାର ନିଷ୍ପତ୍ତି ଉପରେ ସବୁକିଛି ନିର୍ଭର କରୁଛି । ଆଦିବାସୀମାନଙ୍କ ଅଧିକାର ସୁରକ୍ଷିତ ରହିବା ସହ ଶିଳ୍ପ ବିକାଶ ମଧ୍ୟ ହେବା ଆବଶ୍ୟକ ।

ଏହି ରାୟ ଭବିଷ୍ୟତରେ ଅନ୍ୟ ଖଣି ପ୍ରକଳ୍ପ ପାଇଁ ଏକ ଉଦାହରଣ ହେବ । ସ୍ଥାନୀୟ ଲୋକଙ୍କ ସହମତି ବିନା କୌଣସି ପ୍ରକଳ୍ପ କାର୍ଯ୍ୟକାରୀ ହେବା ଉଚିତ ନୁହେଁ ।

ଶ୍ରୀଘ୍ର ନିୟମଗିରି ପ୍ରସଙ୍ଗରେ ସୁପ୍ରିମକୋର୍ଟ ଏକ ଐତିହାସିକ ରାୟ ଦେଇଛନ୍ତି । ଏହି ରାୟରେ ଗ୍ରାମସଭାକୁ ନିଷ୍ପତ୍ତି ନେବାର ଅଧିକାର ଦିଆଯାଇଛି । ଆଦିବାସୀମାନଙ୍କ ଧର୍ମୀୟ ଓ ସାଂସ୍କୃତିକ ଅଧିକାରକୁ ସମ୍ମାନ ଦିଆଯାଇଛି ।

ବେଦାନ୍ତ କମ୍ପାନୀ ନିୟମଗିରି ପାହାଡ଼ରୁ ବକ୍ସାଇଟ ଖନନ କରିବାକୁ ଚାହୁଁଥିଲା । କିନ୍ତୁ ସ୍ଥାନୀୟ ଡଙ୍ଗରିଆ କନ୍ଧମାନେ ଏହାର ବିରୋଧ କରିଆସୁଥିଲେ । ସେମାନେ ନିୟମଗିରିକୁ ନିଜର ଦେବତା ବୋଲି ମାନନ୍ତି ।

ସୁପ୍ରିମକୋର୍ଟଙ୍କ ରାୟ ପରେ ସବୁ ପକ୍ଷ ଖୁସି ପ୍ରକାଶ କରିଛନ୍ତି । ସରକାର, କମ୍ପାନୀ ଓ ଆଦିବାସୀ ସମସ୍ତେ ଏହାକୁ ନିଜର ବିଜୟ ବୋଲି କହୁଛନ୍ତି ।

ଗ୍ରାମସଭାର ନିଷ୍ପତ୍ତି ଉପରେ ସବୁକିଛି ନିର୍ଭର କରୁଛି । ଆଦିବାସୀମାନଙ୍କ ଅଧିକାର ସୁରକ୍ଷିତ ରହିବା ସହ ଶିଳ୍ପ ବିକାଶ ମଧ୍ୟ ହେବା ଆବଶ୍ୟକ ।

ଏହି ରାୟ ଭବିଷ୍ୟତରେ ଅନ୍ୟ ଖଣି ପ୍ରକଳ୍ପ ପାଇଁ ଏକ ଉଦାହରଣ ହେବ । ସ୍ଥାନୀୟ ଲୋକଙ୍କ ସହମତି ବିନା କୌଣସି ପ୍ରକଳ୍ପ କାର୍ଯ୍ୟକାରୀ ହେବା ଉଚିତ ନୁହେଁ ।

ଶ୍ରୀଘ୍ର ନିୟମଗିରି ପ୍ରସଙ୍ଗରେ ସୁପ୍ରିମକୋର୍ଟ ଏକ ଐତିହାସିକ ରାୟ ଦେଇଛନ୍ତି । ଏହି ରାୟରେ ଗ୍ରାମସଭାକୁ ନିଷ୍ପତ୍ତି ନେବାର ଅଧିକାର ଦିଆଯାଇଛି । ଆଦିବାସୀମାନଙ୍କ ଧର୍ମୀୟ ଓ ସାଂସ୍କୃତିକ ଅଧିକାରକୁ ସମ୍ମାନ ଦିଆଯାଇଛି ।

ବେଦାନ୍ତ କମ୍ପାନୀ ନିୟମଗିରି ପାହାଡ଼ରୁ ବକ୍ସାଇଟ ଖନନ କରିବାକୁ ଚାହୁଁଥିଲା । କିନ୍ତୁ ସ୍ଥାନୀୟ ଡଙ୍ଗରିଆ କନ୍ଧମାନେ ଏହାର ବିରୋଧ କରିଆସୁଥିଲେ । ସେମାନେ ନିୟମଗିରିକୁ ନିଜର ଦେବତା ବୋଲି ମାନନ୍ତି ।

ସୁପ୍ରିମକୋର୍ଟଙ୍କ ରାୟ ପରେ ସବୁ ପକ୍ଷ ଖୁସି ପ୍ରକାଶ କରିଛନ୍ତି । ସରକାର, କମ୍ପାନୀ ଓ ଆଦିବାସୀ ସମସ୍ତେ ଏହାକୁ ନିଜର ବିଜୟ ବୋଲି କହୁଛନ୍ତି ।

ଗ୍ରାମସଭାର ନିଷ୍ପତ୍ତି ଉପରେ ସବୁକିଛି ନିର୍ଭର କରୁଛି । ଆଦିବାସୀମାନଙ୍କ ଅଧିକାର ସୁରକ୍ଷିତ ରହିବା ସହ ଶିଳ୍ପ ବିକାଶ ମଧ୍ୟ ହେବା ଆବଶ୍ୟକ ।

ବେଦାନ୍ତ କମ୍ପାନୀ ନିୟମଗିରି ପାହାଡ଼ରୁ ବକ୍ସାଇଟ ଖନନ କରିବାକୁ ଚାହୁଁଥିଲା । କିନ୍ତୁ ସ୍ଥାନୀୟ ଡଙ୍ଗରିଆ କନ୍ଧମାନେ ଏହାର ବିରୋଧ କରିଆସୁଥିଲେ । ସେମାନେ ନିୟମଗିରିକୁ ନିଜର ଦେବତା ବୋଲି ମାନନ୍ତି ।

ସୁପ୍ରିମକୋର୍ଟଙ୍କ ରାୟ ପରେ ସବୁ ପକ୍ଷ ଖୁସି ପ୍ରକାଶ କରିଛନ୍ତି । ସରକାର, କମ୍ପାନୀ ଓ ଆଦିବାସୀ ସମସ୍ତେ ଏହାକୁ ନିଜର ବିଜୟ ବୋଲି କହୁଛନ୍ତି ।

ଗ୍ରାମସଭାର ନିଷ୍ପତ୍ତି ଉପରେ ସବୁକିଛି ନିର୍ଭର କରୁଛି । ଆଦିବାସୀମାନଙ୍କ ଅଧିକାର ସୁରକ୍ଷିତ ରହିବା ସହ ଶିଳ୍ପ ବିକାଶ ମଧ୍ୟ ହେବା ଆବଶ୍ୟକ ।

ଏହି ରାୟ ଭବିଷ୍ୟତରେ ଅନ୍ୟ ଖଣି ପ୍ରକଳ୍ପ ପାଇଁ ଏକ ଉଦାହରଣ ହେବ । ସ୍ଥାନୀୟ ଲୋକଙ୍କ ସହମତି ବିନା କୌଣସି ପ୍ରକଳ୍ପ କାର୍ଯ୍ୟକାରୀ ହେବା ଉଚିତ ନୁହେଁ ।

ଶ୍ରୀଘ୍ର ନିୟମଗିରି ପ୍ରସଙ୍ଗରେ ସୁପ୍ରିମକୋର୍ଟ ଏକ ଐତିହାସିକ ରାୟ ଦେଇଛନ୍ତି । ଏହି ରାୟରେ ଗ୍ରାମସଭାକୁ ନିଷ୍ପତ୍ତି ନେବାର ଅଧିକାର ଦିଆଯାଇଛି । ଆଦିବାସୀମାନଙ୍କ ଧର୍ମୀୟ ଓ ସାଂସ୍କୃତିକ ଅଧିକାରକୁ ସମ୍ମାନ ଦିଆଯାଇଛି ।

ବେଦାନ୍ତ କମ୍ପାନୀ ନିୟମଗିରି ପାହାଡ଼ରୁ ବକ୍ସାଇଟ ଖନନ କରିବାକୁ ଚାହୁଁଥିଲା । କିନ୍ତୁ ସ୍ଥାନୀୟ ଡଙ୍ଗରିଆ କନ୍ଧମାନେ ଏହାର ବିରୋଧ କରିଆସୁଥିଲେ । ସେମାନେ ନିୟମଗିରିକୁ ନିଜର ଦେବତା ବୋଲି ମାନନ୍ତି ।

ସୁପ୍ରିମକୋର୍ଟଙ୍କ ରାୟ ପରେ ସବୁ ପକ୍ଷ ଖୁସି ପ୍ରକାଶ କରିଛନ୍ତି । ସରକାର, କମ୍ପାନୀ ଓ ଆଦିବାସୀ ସମସ୍ତେ ଏହାକୁ ନିଜର ବିଜୟ ବୋଲି କହୁଛନ୍ତି ।

ଗ୍ରାମସଭାର ନିଷ୍ପତ୍ତି ଉପରେ ସବୁକିଛି ନିର୍ଭର କରୁଛି । ଆଦିବାସୀମାନଙ୍କ ଅଧିକାର ସୁରକ୍ଷିତ ରହିବା ସହ ଶିଳ୍ପ ବିକାଶ ମଧ୍ୟ ହେବା ଆବଶ୍ୟକ ।

ଏହି ରାୟ ଭବିଷ୍ୟତରେ ଅନ୍ୟ ଖଣି ପ୍ରକଳ୍ପ ପାଇଁ ଏକ ଉଦାହରଣ ହେବ । ସ୍ଥାନୀୟ ଲୋକଙ୍କ ସହମତି ବିନା କୌଣସି ପ୍ରକଳ୍ପ କାର୍ଯ୍ୟକାରୀ ହେବା ଉଚିତ ନୁହେଁ ।

ଶ୍ରୀଘ୍ର ନିୟମଗିରି ପ୍ରସଙ୍ଗରେ ସୁପ୍ରିମକୋର୍ଟ ଏକ ଐତିହାସିକ ରାୟ ଦେଇଛନ୍ତି । ଏହି ରାୟରେ ଗ୍ରାମସଭାକୁ ନିଷ୍ପତ୍ତି ନେବାର ଅଧିକାର ଦିଆଯାଇଛି । ଆଦିବାସୀମାନଙ୍କ ଧର୍ମୀୟ ଓ ସାଂସ୍କୃତିକ ଅଧିକାରକୁ ସମ୍ମାନ ଦିଆଯାଇଛି ।

ବେଦାନ୍ତ କମ୍ପାନୀ ନିୟମଗିରି ପାହାଡ଼ରୁ ବକ୍ସାଇଟ ଖନନ କରିବାକୁ ଚାହୁଁଥିଲା । କିନ୍ତୁ ସ୍ଥାନୀୟ ଡଙ୍ଗରିଆ କନ୍ଧମାନେ ଏହାର ବିରୋଧ କରିଆସୁଥିଲେ । ସେମାନେ ନିୟମଗିରିକୁ ନିଜର ଦେବତା ବୋଲି ମାନନ୍ତି ।

ସୁପ୍ରିମକୋର୍ଟଙ୍କ ରାୟ ପରେ ସବୁ ପକ୍ଷ ଖୁସି ପ୍ରକାଶ କରିଛନ୍ତି । ସରକାର, କମ୍ପାନୀ ଓ ଆଦିବାସୀ ସମସ୍ତେ ଏହାକୁ ନିଜର ବିଜୟ ବୋଲି କହୁଛନ୍ତି ।

ଗ୍ରାମସଭାର ନିଷ୍ପତ୍ତି ଉପରେ ସବୁକିଛି ନିର୍ଭର କରୁଛି । ଆଦିବାସୀମାନଙ୍କ ଅଧିକାର ସୁରକ୍ଷିତ ରହିବା ସହ ଶିଳ୍ପ ବିକାଶ ମଧ୍ୟ ହେବା ଆବଶ୍ୟକ ।

ସୁପ୍ରିମକୋର୍ଟଙ୍କ ରାୟ ପରେ ସବୁ ପକ୍ଷ ଖୁସି ପ୍ରକାଶ କରିଛନ୍ତି । ସରକାର, କମ୍ପାନୀ ଓ ଆଦିବାସୀ ସମସ୍ତେ ଏହାକୁ ନିଜର ବିଜୟ ବୋଲି କହୁଛନ୍ତି ।

ଗ୍ରାମସଭାର ନିଷ୍ପତ୍ତି ଉପରେ ସବୁକିଛି ନିର୍ଭର କରୁଛି । ଆଦିବାସୀମାନଙ୍କ ଅଧିକାର ସୁରକ୍ଷିତ ରହିବା ସହ ଶିଳ୍ପ ବିକାଶ ମଧ୍ୟ ହେବା ଆବଶ୍ୟକ ।

ଏହି ରାୟ ଭବିଷ୍ୟତରେ ଅନ୍ୟ ଖଣି ପ୍ରକଳ୍ପ ପାଇଁ ଏକ ଉଦାହରଣ ହେବ । ସ୍ଥାନୀୟ ଲୋକଙ୍କ ସହମତି ବିନା କୌଣସି ପ୍ରକଳ୍ପ କାର୍ଯ୍ୟକାରୀ ହେବା ଉଚିତ ନୁହେଁ ।

ଶ୍ରୀଘ୍ର ନିୟମଗିରି ପ୍ରସଙ୍ଗରେ ସୁପ୍ରିମକୋର୍ଟ ଏକ ଐତିହାସିକ ରାୟ ଦେଇଛନ୍ତି । ଏହି ରାୟରେ ଗ୍ରାମସଭାକୁ ନିଷ୍ପତ୍ତି ନେବାର ଅଧିକାର ଦିଆଯାଇଛି । ଆଦିବାସୀମାନଙ୍କ ଧର୍ମୀୟ ଓ ସାଂସ୍କୃତିକ ଅଧିକାରକୁ ସମ୍ମାନ ଦିଆଯାଇଛି ।

ବେଦାନ୍ତ କମ୍ପାନୀ ନିୟମଗିରି ପାହାଡ଼ରୁ ବକ୍ସାଇଟ ଖନନ କରିବାକୁ ଚାହୁଁଥିଲା । କିନ୍ତୁ ସ୍ଥାନୀୟ ଡଙ୍ଗରିଆ କନ୍ଧମାନେ ଏହାର ବିରୋଧ କରିଆସୁଥିଲେ । ସେମାନେ ନିୟମଗିରିକୁ ନିଜର ଦେବତା ବୋଲି ମାନନ୍ତି ।

ସୁପ୍ରିମକୋର୍ଟଙ୍କ ରାୟ ପରେ ସବୁ ପକ୍ଷ ଖୁସି ପ୍ରକାଶ କରିଛନ୍ତି । ସରକାର, କମ୍ପାନୀ ଓ ଆଦିବାସୀ ସମସ୍ତେ ଏହାକୁ ନିଜର ବିଜୟ ବୋଲି କହୁଛନ୍ତି ।

ଗ୍ରାମସଭାର ନିଷ୍ପତ୍ତି ଉପରେ ସବୁକିଛି ନିର୍ଭର କରୁଛି । ଆଦିବାସୀମାନଙ୍କ ଅଧିକାର ସୁରକ୍ଷିତ ରହିବା ସହ ଶିଳ୍ପ ବିକାଶ ମଧ୍ୟ ହେବା ଆବଶ୍ୟକ ।

ଏହି ରାୟ ଭବିଷ୍ୟତରେ ଅନ୍ୟ ଖଣି ପ୍ରକଳ୍ପ ପାଇଁ ଏକ ଉଦାହରଣ ହେବ । ସ୍ଥାନୀୟ ଲୋକଙ୍କ ସହମତି ବିନା କୌଣସି ପ୍ରକଳ୍ପ କାର୍ଯ୍ୟକାରୀ ହେବା ଉଚିତ ନୁହେଁ ।

ଶ୍ରୀଘ୍ର ନିୟମଗିରି ପ୍ରସଙ୍ଗରେ ସୁପ୍ରିମକୋର୍ଟ ଏକ ଐତିହାସିକ ରାୟ ଦେଇଛନ୍ତି । ଏହି ରାୟରେ ଗ୍ରାମସଭାକୁ ନିଷ୍ପତ୍ତି ନେବାର ଅଧିକାର ଦିଆଯାଇଛି । ଆଦିବାସୀମାନଙ୍କ ଧର୍ମୀୟ ଓ ସାଂସ୍କୃତିକ ଅଧିକାରକୁ ସମ୍ମାନ ଦିଆଯାଇଛି ।

ବେଦାନ୍ତ କମ୍ପାନୀ ନିୟମଗିରି ପାହାଡ଼ରୁ ବକ୍ସାଇଟ ଖନନ କରିବାକୁ ଚାହୁଁଥିଲା । କିନ୍ତୁ ସ୍ଥାନୀୟ ଡଙ୍ଗରିଆ କନ୍ଧମାନେ ଏହାର ବିରୋଧ କରିଆସୁଥିଲେ । ସେମାନେ ନିୟମଗିରିକୁ ନିଜର ଦେବତା ବୋଲି ମାନନ୍ତି ।

ସୁପ୍ରିମକୋର୍ଟଙ୍କ ରାୟ ପରେ ସବୁ ପକ୍ଷ ଖୁସି ପ୍ରକାଶ କରିଛନ୍ତି । ସରକାର, କମ୍ପାନୀ ଓ ଆଦିବାସୀ ସମସ୍ତେ ଏହାକୁ ନିଜର ବିଜୟ ବୋଲି କହୁଛନ୍ତି ।

ଗ୍ରାମସଭାର ନିଷ୍ପତ୍ତି ଉପରେ ସବୁକିଛି ନିର୍ଭର କରୁଛି । ଆଦିବାସୀମାନଙ୍କ ଅଧିକାର ସୁରକ୍ଷିତ ରହିବା ସହ ଶିଳ୍ପ ବିକାଶ ମଧ୍ୟ ହେବା ଆବଶ୍ୟକ ।

ଏହି ରାୟ ଭବିଷ୍ୟତରେ ଅନ୍ୟ ଖଣି ପ୍ରକଳ୍ପ ପାଇଁ ଏକ ଉଦାହରଣ ହେବ । ସ୍ଥାନୀୟ ଲୋକଙ୍କ ସହମତି ବିନା କୌଣସି ପ୍ରକଳ୍ପ କାର୍ଯ୍ୟକାରୀ ହେବା ଉଚିତ ନୁହେଁ ।

ଗ୍ରାମସଭାର ନିଷ୍ପତ୍ତି ଉପରେ ସବୁକିଛି ନିର୍ଭର କରୁଛି । ଆଦିବାସୀମାନଙ୍କ ଅଧିକାର ସୁରକ୍ଷିତ ରହିବା ସହ ଶିଳ୍ପ ବିକାଶ ମଧ୍ୟ ହେବା ଆବଶ୍ୟକ ।

ଏହି ରାୟ ଭବିଷ୍ୟତରେ ଅନ୍ୟ ଖଣି ପ୍ରକଳ୍ପ ପାଇଁ ଏକ ଉଦାହରଣ ହେବ । ସ୍ଥାନୀୟ ଲୋକଙ୍କ ସହମତି ବିନା କୌଣସି ପ୍ରକଳ୍ପ କାର୍ଯ୍ୟକାରୀ ହେବା ଉଚିତ ନୁହେଁ ।

ଶ୍ରୀଘ୍ର ନିୟମଗିରି ପ୍ରସଙ୍ଗରେ ସୁପ୍ରିମକୋର୍ଟ ଏକ ଐତିହାସିକ ରାୟ ଦେଇଛନ୍ତି । ଏହି ରାୟରେ ଗ୍ରାମସଭାକୁ ନିଷ୍ପତ୍ତି ନେବାର ଅଧିକାର ଦିଆଯାଇଛି । ଆଦିବାସୀମାନଙ୍କ ଧର୍ମୀୟ ଓ ସାଂସ୍କୃତିକ ଅଧିକାରକୁ ସମ୍ମାନ ଦିଆଯାଇଛି ।

ବେଦାନ୍ତ କମ୍ପାନୀ ନିୟମଗିରି ପାହାଡ଼ରୁ ବକ୍ସାଇଟ ଖନନ କରିବାକୁ ଚାହୁଁଥିଲା । କିନ୍ତୁ ସ୍ଥାନୀୟ ଡଙ୍ଗରିଆ କନ୍ଧମାନେ ଏହାର ବିରୋଧ କରିଆସୁଥିଲେ । ସେମାନେ ନିୟମଗିରିକୁ ନିଜର ଦେବତା ବୋଲି ମାନନ୍ତି ।

ସୁପ୍ରିମକୋର୍ଟଙ୍କ ରାୟ ପରେ ସବୁ ପକ୍ଷ ଖୁସି ପ୍ରକାଶ କରିଛନ୍ତି । ସରକାର, କମ୍ପାନୀ ଓ ଆଦିବାସୀ ସମସ୍ତେ ଏହାକୁ ନିଜର ବିଜୟ ବୋଲି କହୁଛନ୍ତି ।

ଗ୍ରାମସଭାର ନିଷ୍ପତ୍ତି ଉପରେ ସବୁକିଛି ନିର୍ଭର କରୁଛି । ଆଦିବାସୀମାନଙ୍କ ଅଧିକାର ସୁରକ୍ଷିତ ରହିବା ସହ ଶିଳ୍ପ ବିକାଶ ମଧ୍ୟ ହେବା ଆବଶ୍ୟକ ।

ଏହି ରାୟ ଭବିଷ୍ୟତରେ ଅନ୍ୟ ଖଣି ପ୍ରକଳ୍ପ ପାଇଁ ଏକ ଉଦାହରଣ ହେବ । ସ୍ଥାନୀୟ ଲୋକଙ୍କ ସହମତି ବିନା କୌଣସି ପ୍ରକଳ୍ପ କାର୍ଯ୍ୟକାରୀ ହେବା ଉଚିତ ନୁହେଁ ।

ଶ୍ରୀଘ୍ର ନିୟମଗିରି ପ୍ରସଙ୍ଗରେ ସୁପ୍ରିମକୋର୍ଟ ଏକ ଐତିହାସିକ ରାୟ ଦେଇଛନ୍ତି । ଏହି ରାୟରେ ଗ୍ରାମସଭାକୁ ନିଷ୍ପତ୍ତି ନେବାର ଅଧିକାର ଦିଆଯାଇଛି । ଆଦିବାସୀମାନଙ୍କ ଧର୍ମୀୟ ଓ ସାଂସ୍କୃତିକ ଅଧିକାରକୁ ସମ୍ମାନ ଦିଆଯାଇଛି ।

ବେଦାନ୍ତ କମ୍ପାନୀ ନିୟମଗିରି ପାହାଡ଼ରୁ ବକ୍ସାଇଟ ଖନନ କରିବାକୁ ଚାହୁଁଥିଲା । କିନ୍ତୁ ସ୍ଥାନୀୟ ଡଙ୍ଗରିଆ କନ୍ଧମାନେ ଏହାର ବିରୋଧ କରିଆସୁଥିଲେ । ସେମାନେ ନିୟମଗିରିକୁ ନିଜର ଦେବତା ବୋଲି ମାନନ୍ତି ।

ସୁପ୍ରିମକୋର୍ଟଙ୍କ ରାୟ ପରେ ସବୁ ପକ୍ଷ ଖୁସି ପ୍ରକାଶ କରିଛନ୍ତି । ସରକାର, କମ୍ପାନୀ ଓ ଆଦିବାସୀ ସମସ୍ତେ ଏହାକୁ ନିଜର ବିଜୟ ବୋଲି କହୁଛନ୍ତି ।

ଗ୍ରାମସଭାର ନିଷ୍ପତ୍ତି ଉପରେ ସବୁକିଛି ନିର୍ଭର କରୁଛି । ଆଦିବାସୀମାନଙ୍କ ଅଧିକାର ସୁରକ୍ଷିତ ରହିବା ସହ ଶିଳ୍ପ ବିକାଶ ମଧ୍ୟ ହେବା ଆବଶ୍ୟକ ।

ଏହି ରାୟ ଭବିଷ୍ୟତରେ ଅନ୍ୟ ଖଣି ପ୍ରକଳ୍ପ ପାଇଁ ଏକ ଉଦାହରଣ ହେବ । ସ୍ଥାନୀୟ ଲୋକଙ୍କ ସହମତି ବିନା କୌଣସି ପ୍ରକଳ୍ପ କାର୍ଯ୍ୟକାରୀ ହେବା ଉଚିତ ନୁହେଁ ।

ମୋ- ୯୯୩୮୪୮୬୯୩
ପାଠକ ଶ୍ରେଷ୍ଠ ବିଚାରକ
ଚିଠି ପହଞ୍ଚିବାରେ ବିଳମ୍ବ
ମହାଶୟ,

ଭୁବନେଶ୍ବର ରାଜ୍ୟର ରାଜଧାନୀ । କିନ୍ତୁ ଏଠାରେ ଡାକସେବା ସନ୍ତୋଷଜନକ ନୁହେଁ । ଡାକ ବିଭାଗ ପକ୍ଷରୁ ଚିଠି ବଣ୍ଟନରେ ବହୁତ ବିଳମ୍ବ ହେଉଛି । ଜରୁରୀ ଚିଠି ସମୟରେ ନ ପହଞ୍ଚିବାରୁ ଲୋକମାନେ ଅସୁବିଧାର ସମ୍ମୁଖୀନ ହେଉଛନ୍ତି । ତେଣୁ କର୍ତ୍ତୃପକ୍ଷ ଏ ଦିଗରେ ଦୃଷ୍ଟି ଦିଅନ୍ତୁ ।

ଭୁବନେଶ୍ବର ରାଜ୍ୟର ରାଜଧାନୀ । କିନ୍ତୁ ଏଠାରେ ଡାକସେବା ସନ୍ତୋଷଜନକ ନୁହେଁ । ଡାକ ବିଭାଗ ପକ୍ଷରୁ ଚିଠି ବଣ୍ଟନରେ ବହୁତ ବିଳମ୍ବ ହେଉଛି । ଜରୁରୀ ଚିଠି ସମୟରେ ନ ପହଞ୍ଚିବାରୁ ଲୋକମାନେ ଅସୁବିଧାର ସମ୍ମୁଖୀନ ହେଉଛନ୍ତି । ତେଣୁ କର୍ତ୍ତୃପକ୍ଷ ଏ ଦିଗରେ ଦୃଷ୍ଟି ଦିଅନ୍ତୁ ।

ଭୁବନେଶ୍ବର ରାଜ୍ୟର ରାଜଧାନୀ । କିନ୍ତୁ ଏଠାରେ ଡାକସେବା ସନ୍ତୋଷଜନକ ନୁହେଁ । ଡାକ ବିଭାଗ ପକ୍ଷରୁ ଚିଠି ବଣ୍ଟନରେ ବହୁତ ବିଳମ୍ବ ହେଉଛି । ଜରୁରୀ ଚିଠି ସମୟରେ ନ ପହଞ୍ଚିବାରୁ ଲୋକମାନେ ଅସୁବିଧାର ସମ୍ମୁଖୀନ ହେଉଛନ୍ତି । ତେଣୁ କର୍ତ୍ତୃପକ୍ଷ ଏ ଦିଗରେ ଦୃଷ୍ଟି ଦିଅନ୍ତୁ ।

କେ. ଚାନ୍ଦି, ଭୁବନେଶ୍ବର-୯
ବାସ୍ତବଧର୍ମୀ ଆଲେଖ୍ୟ

ଗତ ୧୯.୪ ତାରିଖ ଧରିତ୍ରୀରେ ପ୍ରକାଶିତ ପ୍ରବନ୍ଧ ବାସ୍ତବଧର୍ମୀ ଥିଲା । ଲେଖକ ସମାଜର ବାସ୍ତବ ଚିତ୍ରକୁ ସୁନ୍ଦର ଭାବେ ଉପସ୍ଥାପନ କରିଛନ୍ତି । ଏହିପରି ଲେଖା ପାଠକଙ୍କୁ ସଚେତନ କରେ ।

ଗତ ୧୯.୪ ତାରିଖ ଧରିତ୍ରୀରେ ପ୍ରକାଶିତ ପ୍ରବନ୍ଧ ବାସ୍ତବଧର୍ମୀ ଥିଲା । ଲେଖକ ସମାଜର ବାସ୍ତବ ଚିତ୍ରକୁ ସୁନ୍ଦର ଭାବେ ଉପସ୍ଥାପନ କରିଛନ୍ତି । ଏହିପରି ଲେଖା ପାଠକଙ୍କୁ ସଚେତନ କରେ ।

ମୃ.ରାଉ, ପ୍ରଧାନ, ଶାଳିପୁର, ଜଗତସିଂହପୁର
ଭତ୍ତା ପାଇଁ ବୃଦ୍ଧାବୃଦ୍ଧ ହଇରାଣ

ବର୍ତ୍ତମାନ ସ୍ଥାନୀୟ ଆସିଛି । ବୃଦ୍ଧ ଭତ୍ତା ପାଇବା ପାଇଁ ବୃଦ୍ଧାବୃଦ୍ଧମାନେ ବହୁ ଦୂରରୁ ବ୍ଲକ ଅଫିସକୁ ଆସିବାକୁ ପଡ଼ୁଛି । ଗ୍ରାମସ୍ତରରେ ଭତ୍ତା ବଣ୍ଟନ ବ୍ୟବସ୍ଥା କଲେ ସେମାନେ ଉପକୃତ ହେବେ । ବହୁ ସମୟ ଧାଡ଼ିରେ ଠିଆ ହେବାକୁ ପଡ଼ୁଛି । ପ୍ରଶାସନ ଏ ଦିଗରେ ଦୃଷ୍ଟି ଦେବା ଆବଶ୍ୟକ ।

ବର୍ତ୍ତମାନ ସ୍ଥାନୀୟ ଆସିଛି । ବୃଦ୍ଧ ଭତ୍ତା ପାଇବା ପାଇଁ ବୃଦ୍ଧାବୃଦ୍ଧମାନେ ବହୁ ଦୂରରୁ ବ୍ଲକ ଅଫିସକୁ ଆସିବାକୁ ପଡ଼ୁଛି । ଗ୍ରାମସ୍ତରରେ ଭତ୍ତା ବଣ୍ଟନ ବ୍ୟବସ୍ଥା କଲେ ସେମାନେ ଉପକୃତ ହେବେ । ବହୁ ସମୟ ଧାଡ଼ିରେ ଠିଆ ହେବାକୁ ପଡ଼ୁଛି । ପ୍ରଶାସନ ଏ ଦିଗରେ ଦୃଷ୍ଟି ଦେବା ଆବଶ୍ୟକ ।

ବର୍ତ୍ତମାନ ସ୍ଥାନୀୟ ଆସିଛି । ବୃଦ୍ଧ ଭତ୍ତା ପାଇବା ପାଇଁ ବୃଦ୍ଧାବୃଦ୍ଧମାନେ ବହୁ ଦୂରରୁ ବ୍ଲକ ଅଫିସକୁ ଆସିବାକୁ ପଡ଼ୁଛି । ଗ୍ରାମସ୍ତରରେ ଭତ୍ତା ବଣ୍ଟନ ବ୍ୟବସ୍ଥା କଲେ ସେମାନେ ଉପକୃତ ହେବେ । ବହୁ ସମୟ ଧାଡ଼ିରେ ଠିଆ ହେବାକୁ ପଡ଼ୁଛି । ପ୍ରଶାସନ ଏ ଦିଗରେ ଦୃଷ୍ଟି ଦେବା ଆବଶ୍ୟକ ।

ବର୍ତ୍ତମାନ ସ୍ଥାନୀୟ ଆସିଛି । ବୃଦ୍ଧ ଭତ୍ତା ପାଇବା ପାଇଁ ବୃଦ୍ଧାବୃଦ୍ଧମାନେ ବହୁ ଦୂରରୁ ବ୍ଲକ ଅଫିସକୁ ଆସିବାକୁ ପଡ଼ୁଛି । ଗ୍ରାମସ୍ତରରେ ଭତ୍ତା ବଣ୍ଟନ ବ୍ୟବସ୍ଥା କଲେ ସେମାନେ ଉପକୃତ ହେବେ । ବହୁ ସମୟ ଧାଡ଼ିରେ ଠିଆ ହେବାକୁ ପଡ଼ୁଛି । ପ୍ରଶାସନ ଏ ଦିଗରେ ଦୃଷ୍ଟି ଦେବା ଆବଶ୍ୟକ ।

ଅନିରୁଦ୍ଧ ପାଢ଼ୀ, ଦୋଳ, କଳିଆ, ଖୋର୍ଦ୍ଧା
ଦଲାଲି ଉଚ୍ଛେଦ ହେବ

ବୈଠକ ଅବସରରେ 'ଦଲାଲି ଉଚ୍ଛେଦ ହେବ' ବୋଲି ଦାବି କରାଯାଇଛି । ସରକାରୀ ଅଫିସରେ ଦଲାଲଙ୍କ ଦୌରାତ୍ମ୍ୟ ବଢ଼ିଚାଲିଛି । ସାଧାରଣ ଲୋକ ଦଲାଲଙ୍କ ବିନା କାମ କରିପାରୁନାହାନ୍ତି । ଏହାକୁ ରୋକିବା ପାଇଁ କଠୋର ପଦକ୍ଷେପ ନେବା ଦରକାର ।

ବୈଠକ ଅବସରରେ 'ଦଲାଲି ଉଚ୍ଛେଦ ହେବ' ବୋଲି ଦାବି କରାଯାଇଛି । ସରକାରୀ ଅଫିସରେ ଦଲାଲଙ୍କ ଦୌରାତ୍ମ୍ୟ ବଢ଼ିଚାଲିଛି । ସାଧାରଣ ଲୋକ ଦଲାଲଙ୍କ ବିନା କାମ କରିପାରୁନାହାନ୍ତି । ଏହାକୁ ରୋକିବା ପାଇଁ କଠୋର ପଦକ୍ଷେପ ନେବା ଦରକାର ।

ବୈଠକ ଅବସରରେ 'ଦଲାଲି ଉଚ୍ଛେଦ ହେବ' ବୋଲି ଦାବି କରାଯାଇଛି । ସରକାରୀ ଅଫିସରେ ଦଲାଲଙ୍କ ଦୌରାତ୍ମ୍ୟ ବଢ଼ିଚାଲିଛି । ସାଧାରଣ ଲୋକ ଦଲାଲଙ୍କ ବିନା କାମ କରିପାରୁନାହାନ୍ତି । ଏହାକୁ ରୋକିବା ପାଇଁ କଠୋର ପଦକ୍ଷେପ ନେବା ଦରକାର ।

କାଳୀନାଥ ଦାସ, ଗଞ୍ଜାମ
ପାଠକ ଶ୍ରେଷ୍ଠ ବିଚାରକ ପାଇଁ ଚିଠି ପଠାଇବାର ଠିକଣା:
ସମ୍ପାଦକ, ଧରିତ୍ରୀ
ବି-୧୫, ରସୁଲଗଡ଼ ଶିଳ୍ପାଞ୍ଚଳ, ଭୁବନେଶ୍ବର-୭୫୧୦୧୦
କେବଳ ସମ୍ପାଦକଙ୍କୁ ଚିଠି, ଖବର ପାଇଁ ବ୍ୟବହାର କରନ୍ତୁ :
E-mail:dharitripress@gmail.com
(Use only for letters to Editor, news & news photos)
କେବଳ ବିଜ୍ଞାପନ ପାଇଁ ବ୍ୟବହାର କରନ୍ତୁ :
E-mail:advt@dharitri.com
mikul11@yahoo.com (Use only for advetisements, commercial queries)
ପଚିଶ ବର୍ଷ ତଳର ଧରିତ୍ରୀ	୨୭ ଏପ୍ରିଲ ୧୯୮୮
• ବାଂଲାଦେଶରେ ଏକ ବନ୍ୟା ଦୁର୍ଘଟଣାରେ ୨୦ ଜଣଙ୍କ ମୃତ୍ୟୁ ।
• ଡେବ୍ୟୁଲରେ ଟ୍ରେନ ଦୁର୍ଘଟଣାରେ ୧୨ ଜଣଙ୍କ ମୃତ୍ୟୁ ।
su do ku
© Puzzles by Pappocom
ସୁ-ଡୋ-କୁ
	5	1	8				4	
3								
			6	3	2			
7	9		5				8	
		6				4		
		3				7		
			5	9	3			
								7
6				5	1	8		
ଏହାର ଉତ୍ତର ଆସନ୍ତାକାଲି ପ୍ରକାଶ ପାଇବ ।
ସୁ-ଡୋ-କୁ ଏକ ଅଙ୍କ ଖେଳ । ଏହାରେ ଦିଆଯାଇଥିବା ଶୂନ୍ୟସ୍ଥାନଗୁଡ଼ିକ ୧ ରୁ ୯ ପର୍ଯ୍ୟନ୍ତ ସଂଖ୍ୟା ଦ୍ବାରା ପୂରଣ କରନ୍ତୁ । ପ୍ରତ୍ୟେକ ଧାଡ଼ି, ସ୍ତମ୍ଭ ଓ ବାକ୍ସରେ ସଂଖ୍ୟା ପୁନରାବୃତ୍ତି ହେବ ନାହିଁ ।
7	6	9	8	5	4	3	1	2
1	3	8	2	7	9	5	4	6
2	4	3	1	5	6	7	8	9
8	7	2	5	3	4	1	6	9
3	1	6	9	7	8	4	2	5
5	9	4	6	2	1	8	3	7
4	9	7	2	1	3	6	5	8
6	2	1	4	9	5	3	7	8
3	8	5	7	8	6	9	4	1
ଗତକାଲି ପ୍ରକାଶିତର ଉତ୍ତର
